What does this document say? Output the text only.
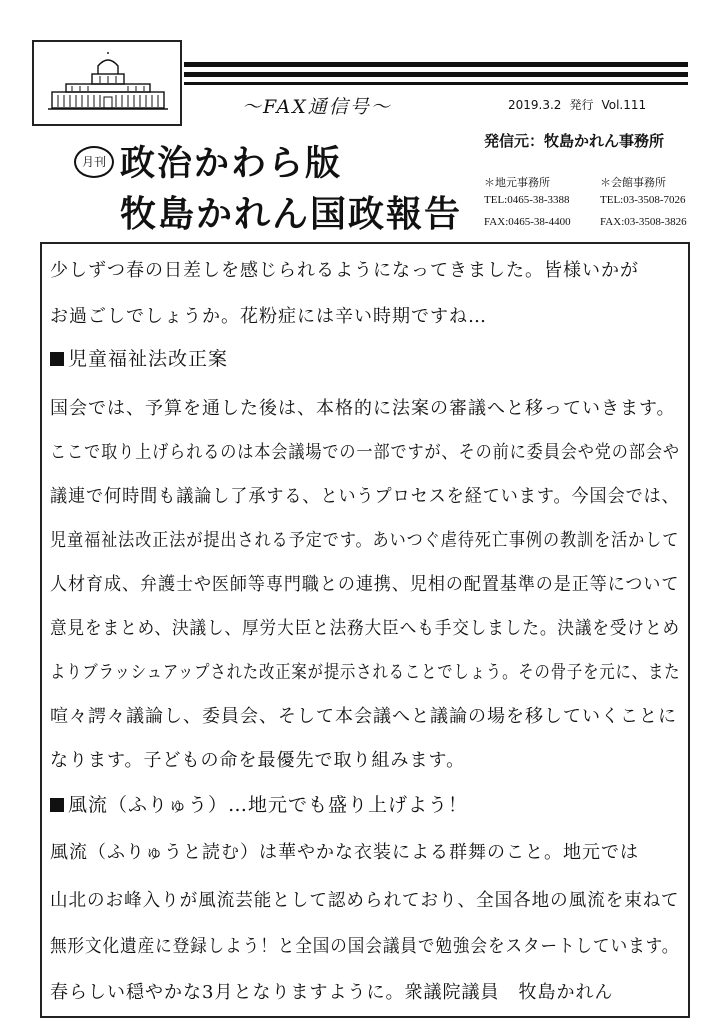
～FAX通信号～	2019.3.2 発行 Vol.111
月刊 政治かわら版
牧島かれん国政報告
発信元：牧島かれん事務所
＊地元事務所
TEL:0465-38-3388
FAX:0465-38-4400
＊会館事務所
TEL:03-3508-7026
FAX:03-3508-3826
少しずつ春の日差しを感じられるようになってきました。皆様いかが
お過ごしでしょうか。花粉症には辛い時期ですね…
児童福祉法改正案
国会では、予算を通した後は、本格的に法案の審議へと移っていきます。
ここで取り上げられるのは本会議場での一部ですが、その前に委員会や党の部会や
議連で何時間も議論し了承する、というプロセスを経ています。今国会では、
児童福祉法改正法が提出される予定です。あいつぐ虐待死亡事例の教訓を活かして
人材育成、弁護士や医師等専門職との連携、児相の配置基準の是正等について
意見をまとめ、決議し、厚労大臣と法務大臣へも手交しました。決議を受けとめ
よりブラッシュアップされた改正案が提示されることでしょう。その骨子を元に、また
喧々諤々議論し、委員会、そして本会議へと議論の場を移していくことに
なります。子どもの命を最優先で取り組みます。
風流（ふりゅう）…地元でも盛り上げよう！
風流（ふりゅうと読む）は華やかな衣装による群舞のこと。地元では
山北のお峰入りが風流芸能として認められており、全国各地の風流を束ねて
無形文化遺産に登録しよう！と全国の国会議員で勉強会をスタートしています。
春らしい穏やかな3月となりますように。衆議院議員　牧島かれん
